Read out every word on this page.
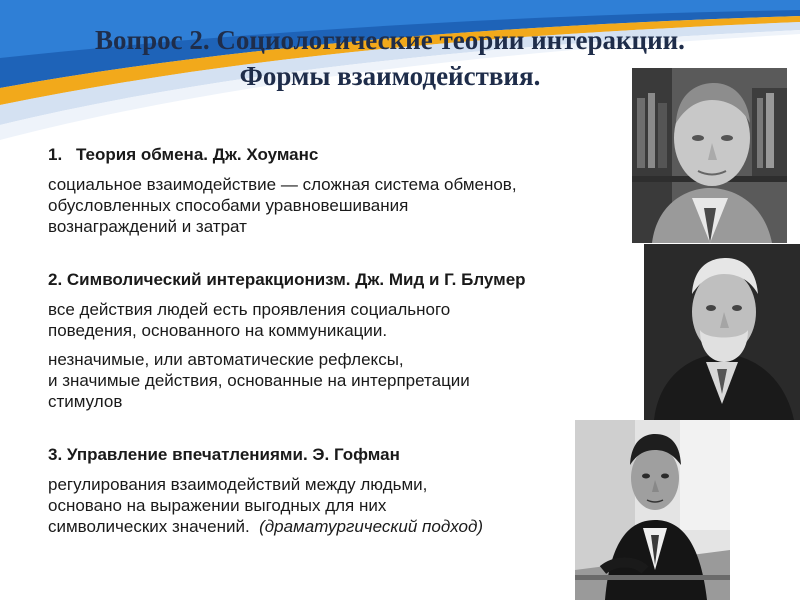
Вопрос 2. Социологические теории интеракции.
Формы взаимодействия.
1. Теория обмена. Дж. Хоуманс
социальное взаимодействие — сложная система обменов,
обусловленных способами уравновешивания
вознаграждений и затрат
2. Символический интеракционизм. Дж. Мид и Г. Блумер
все действия людей есть проявления социального
поведения, основанного на коммуникации.
незначимые, или автоматические рефлексы,
и значимые действия, основанные на интерпретации
стимулов
3. Управление впечатлениями. Э. Гофман
регулирования взаимодействий между людьми,
основано на выражении выгодных для них
символических значений. (драматургический подход)
